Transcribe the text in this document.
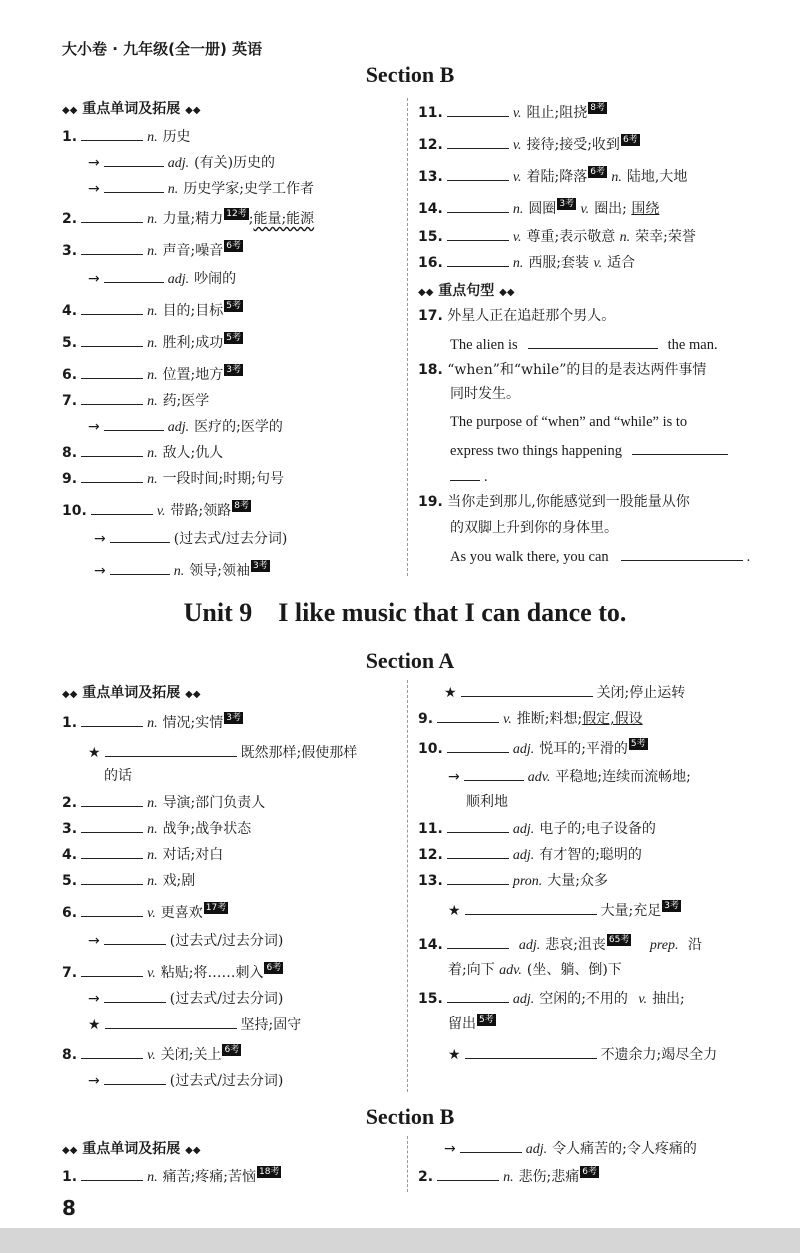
大小卷 · 九年级(全一册) 英语
Section B
◆◆ 重点单词及拓展 ◆◆
1.	n. 历史
→	adj. (有关)历史的
→	n. 历史学家;史学工作者
2.	n. 力量;精力 12考 ;能量;能源
3.	n. 声音;噪音 6考
→	adj. 吵闹的
4.	n. 目的;目标 5考
5.	n. 胜利;成功 5考
6.	n. 位置;地方 3考
7.	n. 药;医学
→	adj. 医疗的;医学的
8.	n. 敌人;仇人
9.	n. 一段时间;时期;句号
10.	v. 带路;领路 8考
→	(过去式/过去分词)
→	n. 领导;领袖 3考
11.	v. 阻止;阻挠 8考
12.	v. 接待;接受;收到 6考
13.	v. 着陆;降落 6考 n. 陆地,大地
14.	n. 圆圈 3考 v. 圈出; 围绕
15.	v. 尊重;表示敬意 n. 荣幸;荣誉
16.	n. 西服;套装 v. 适合
◆◆ 重点句型 ◆◆
17. 外星人正在追赶那个男人。
The alien is	the man.
18. “when”和“while”的目的是表达两件事情
同时发生。
The purpose of “when” and “while” is to
express two things happening
.
19. 当你走到那儿,你能感觉到一股能量从你
的双脚上升到你的身体里。
As you walk there, you can	.
Unit 9    I like music that I can dance to.
Section A
◆◆ 重点单词及拓展 ◆◆
1.	n. 情况;实情 3考
★	既然那样;假使那样
的话
2.	n. 导演;部门负责人
3.	n. 战争;战争状态
4.	n. 对话;对白
5.	n. 戏;剧
6.	v. 更喜欢 17考
→	(过去式/过去分词)
7.	v. 粘贴;将……刺入 6考
→	(过去式/过去分词)
★	坚持;固守
8.	v. 关闭;关上 6考
→	(过去式/过去分词)
★	关闭;停止运转
9.	v. 推断;料想;假定,假设
10.	adj. 悦耳的;平滑的 5考
→	adv. 平稳地;连续而流畅地;
顺利地
11.	adj. 电子的;电子设备的
12.	adj. 有才智的;聪明的
13.	pron. 大量;众多
★	大量;充足 3考
14.	adj. 悲哀;沮丧 65考 prep. 沿
着;向下 adv. (坐、躺、倒)下
15.	adj. 空闲的;不用的 v. 抽出;
留出 5考
★	不遗余力;竭尽全力
Section B
◆◆ 重点单词及拓展 ◆◆
1.	n. 痛苦;疼痛;苦恼 18考
→	adj. 令人痛苦的;令人疼痛的
2.	n. 悲伤;悲痛 6考
8
